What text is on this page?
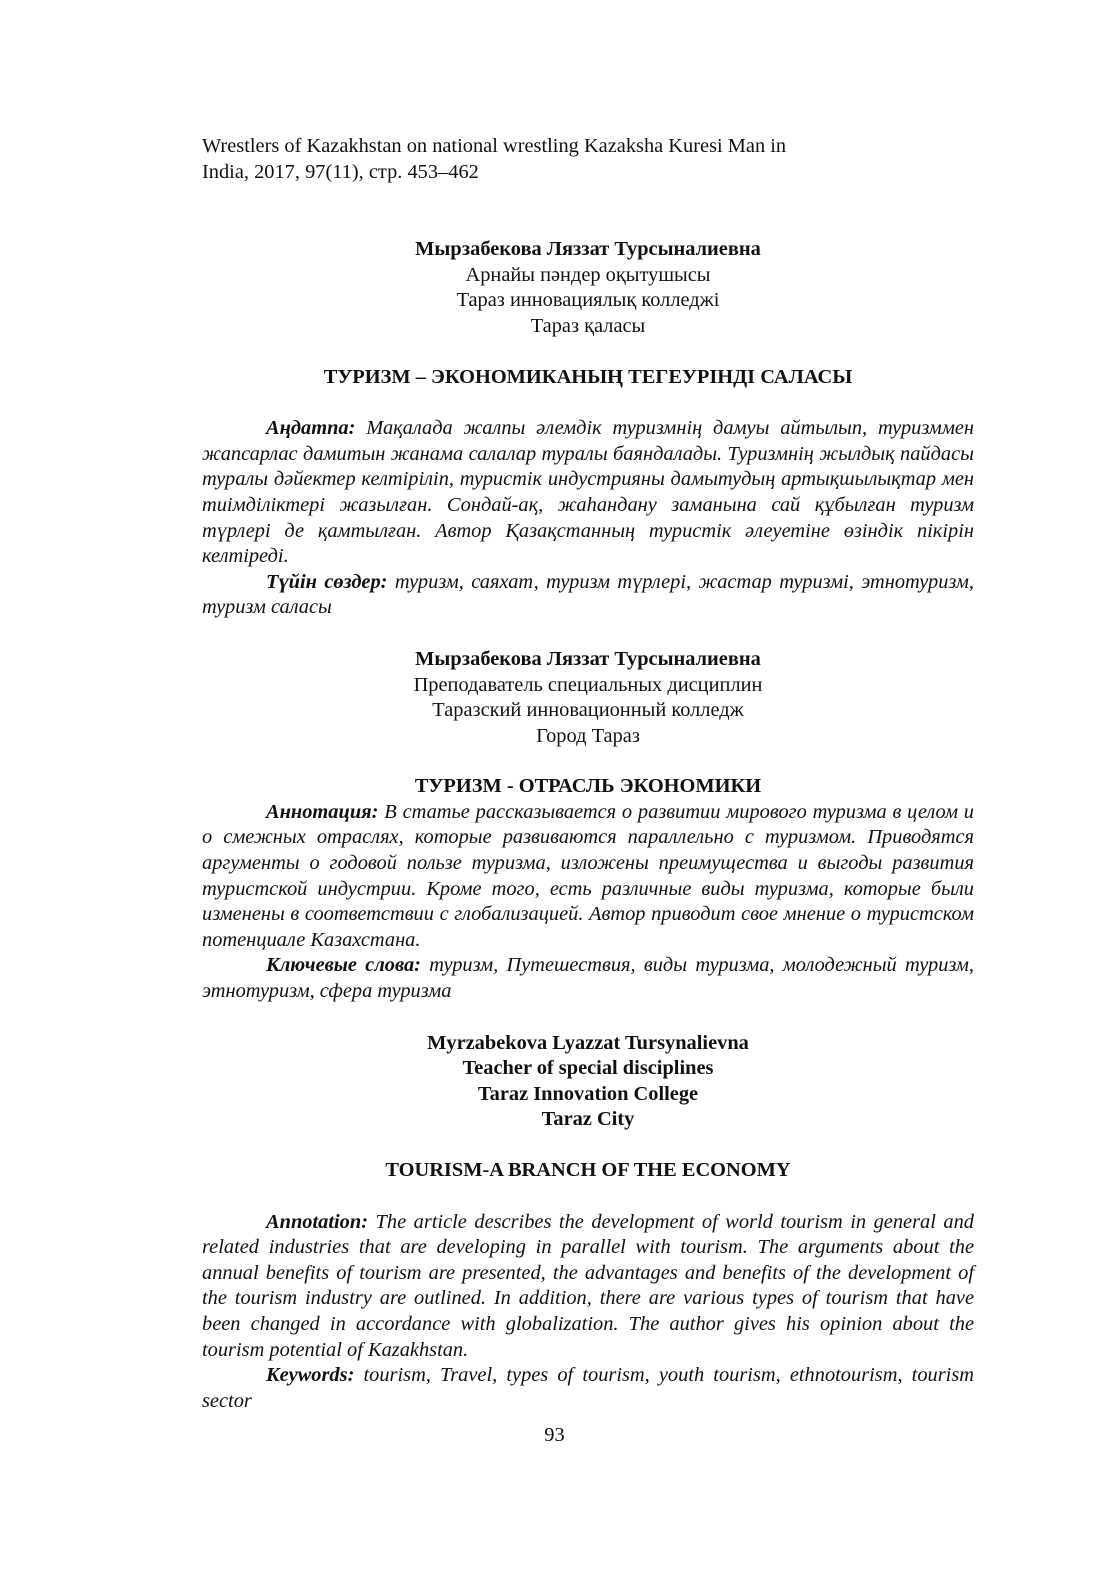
Wrestlers of Kazakhstan on national wrestling Kazaksha Kuresi Man in
India, 2017, 97(11), стр. 453–462
Мырзабекова Ляззат Турсыналиевна
Арнайы пәндер оқытушысы
Тараз инновациялық колледжі
Тараз қаласы
ТУРИЗМ – ЭКОНОМИКАНЫҢ ТЕГЕУРІНДІ САЛАСЫ

Аңдатпа: Мақалада жалпы әлемдік туризмнің дамуы айтылып, туризммен жапсарлас дамитын жанама салалар туралы баяндалады. Туризмнің жылдық пайдасы туралы дәйектер келтіріліп, туристік индустрияны дамытудың артықшылықтар мен тиімділіктері жазылған. Сондай-ақ, жаһандану заманына сай құбылған туризм түрлері де қамтылған. Автор Қазақстанның туристік әлеуетіне өзіндік пікірін келтіреді.

Түйін сөздер: туризм, саяхат, туризм түрлері, жастар туризмі, этнотуризм, туризм саласы

Мырзабекова Ляззат Турсыналиевна
Преподаватель специальных дисциплин
Таразский инновационный колледж
Город Тараз
ТУРИЗМ - ОТРАСЛЬ ЭКОНОМИКИ

Аннотация: В статье рассказывается о развитии мирового туризма в целом и о смежных отраслях, которые развиваются параллельно с туризмом. Приводятся аргументы о годовой пользе туризма, изложены преимущества и выгоды развития туристской индустрии. Кроме того, есть различные виды туризма, которые были изменены в соответствии с глобализацией. Автор приводит свое мнение о туристском потенциале Казахстана.

Ключевые слова: туризм, Путешествия, виды туризма, молодежный туризм, этнотуризм, сфера туризма

Myrzabekova Lyazzat Tursynalievna
Teacher of special disciplines
Taraz Innovation College
Taraz City
TOURISM-A BRANCH OF THE ECONOMY

Annotation: The article describes the development of world tourism in general and related industries that are developing in parallel with tourism. The arguments about the annual benefits of tourism are presented, the advantages and benefits of the development of the tourism industry are outlined. In addition, there are various types of tourism that have been changed in accordance with globalization. The author gives his opinion about the tourism potential of Kazakhstan.

Keywords: tourism, Travel, types of tourism, youth tourism, ethnotourism, tourism sector

93
